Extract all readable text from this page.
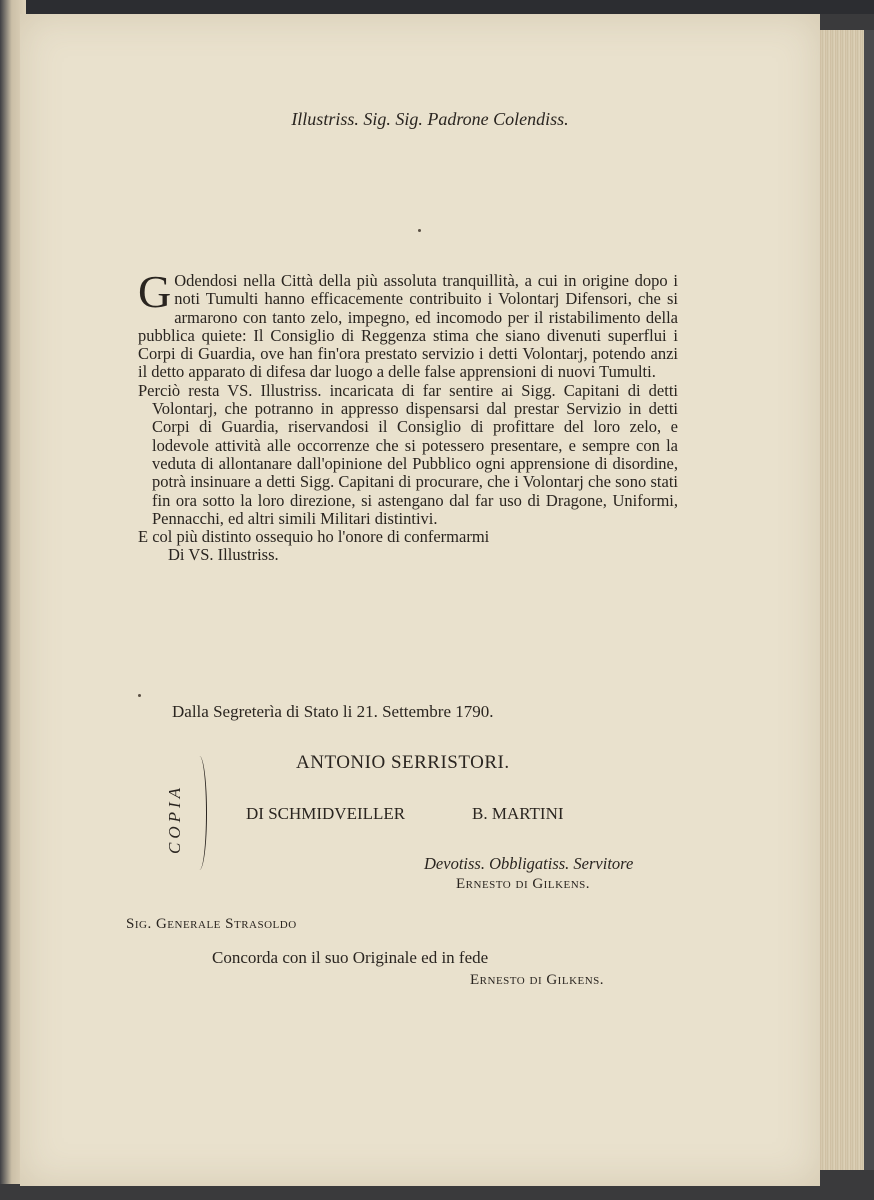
Illustriss. Sig. Sig. Padrone Colendiss.

G Odendosi nella Città della più assoluta tranquillità, a cui in origine dopo i noti Tumulti hanno efficacemente contribuito i Volontarj Difensori, che si armarono con tanto zelo, impegno, ed incomodo per il ristabilimento della pubblica quiete: Il Consiglio di Reggenza stima che siano divenuti superflui i Corpi di Guardia, ove han fin'ora prestato servizio i detti Volontarj, potendo anzi il detto apparato di difesa dar luogo a delle false apprensioni di nuovi Tumulti.

Perciò resta VS. Illustriss. incaricata di far sentire ai Sigg. Capitani di detti Volontarj, che potranno in appresso dispensarsi dal prestar Servizio in detti Corpi di Guardia, riservandosi il Consiglio di profittare del loro zelo, e lodevole attività alle occorrenze che si potessero presentare, e sempre con la veduta di allontanare dall'opinione del Pubblico ogni apprensione di disordine, potrà insinuare a detti Sigg. Capitani di procurare, che i Volontarj che sono stati fin ora sotto la loro direzione, si astengano dal far uso di Dragone, Uniformi, Pennacchi, ed altri simili Militari distintivi.

E col più distinto ossequio ho l'onore di confermarmi

Di VS. Illustriss.

Dalla Segreterìa di Stato li 21. Settembre 1790.
COPIA
ANTONIO SERRISTORI.
DI SCHMIDVEILLER	B. MARTINI
Devotiss. Obbligatiss. Servitore
Ernesto di Gilkens.
Sig. Generale Strasoldo
Concorda con il suo Originale ed in fede
Ernesto di Gilkens.
